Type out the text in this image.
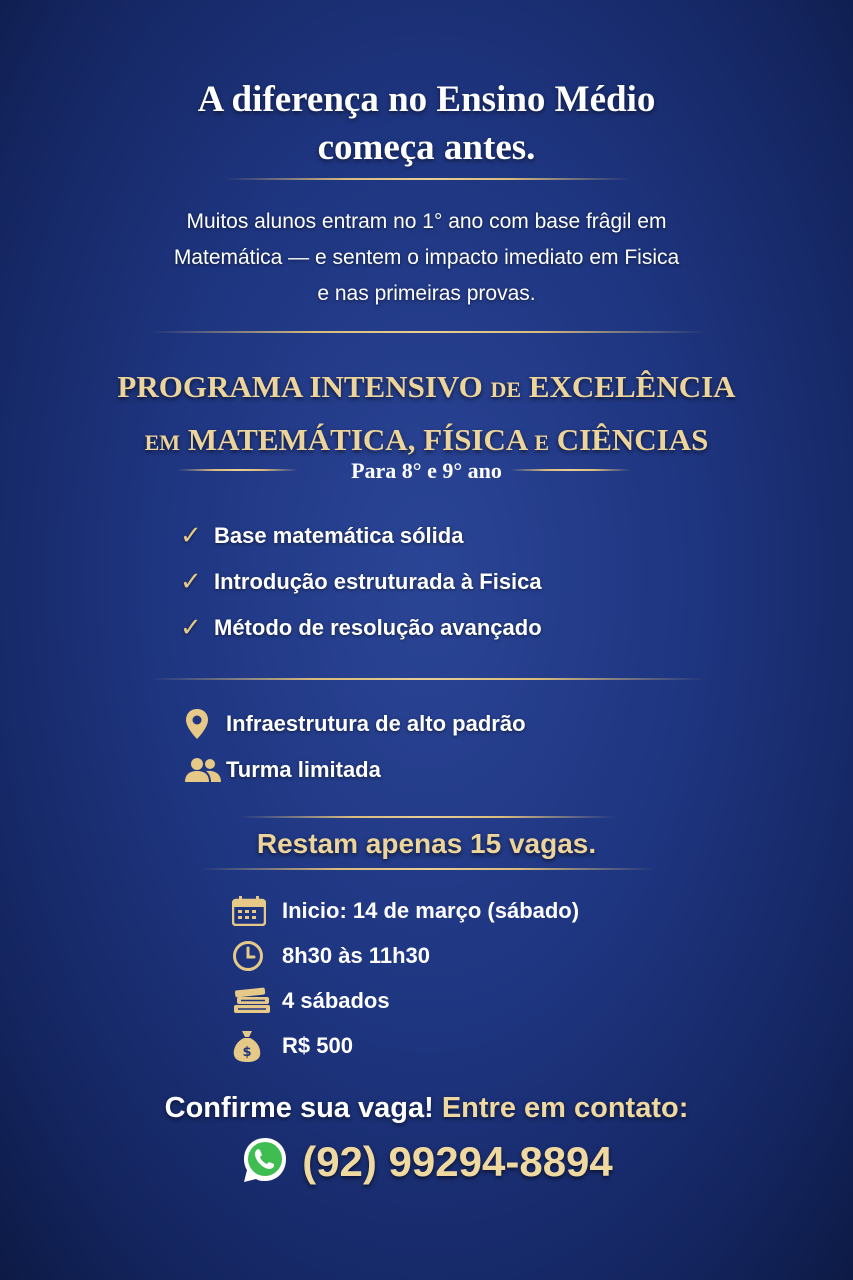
A diferença no Ensino Médio
começa antes.
Muitos alunos entram no 1° ano com base frâgil em
Matemática — e sentem o impacto imediato em Fisica
e nas primeiras provas.
PROGRAMA INTENSIVO DE EXCELÊNCIA
EM MATEMÁTICA, FÍSICA E CIÊNCIAS
Para 8° e 9° ano
✓ Base matemática sólida
✓ Introdução estruturada à Fisica
✓ Método de resolução avançado
Infraestrutura de alto padrão
Turma limitada
Restam apenas 15 vagas.
Inicio: 14 de março (sábado)
8h30 às 11h30
4 sábados
$ R$ 500
Confirme sua vaga! Entre em contato:
(92) 99294-8894
